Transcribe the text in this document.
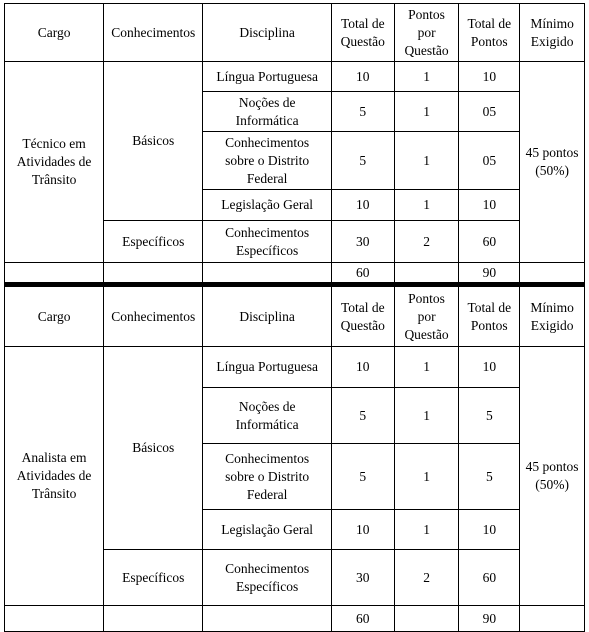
Cargo	Conhecimentos	Disciplina	Total de Questão	Pontos por Questão	Total de Pontos	Mínimo Exigido
Técnico em Atividades de Trânsito	Básicos	Língua Portuguesa	10	1	10	45 pontos (50%)
		Noções de Informática	5	1	05	
		Conhecimentos sobre o Distrito Federal	5	1	05	
		Legislação Geral	10	1	10	
	Específicos	Conhecimentos Específicos	30	2	60	
			60		90	
Cargo	Conhecimentos	Disciplina	Total de Questão	Pontos por Questão	Total de Pontos	Mínimo Exigido
Analista em Atividades de Trânsito	Básicos	Língua Portuguesa	10	1	10	45 pontos (50%)
		Noções de Informática	5	1	5	
		Conhecimentos sobre o Distrito Federal	5	1	5	
		Legislação Geral	10	1	10	
	Específicos	Conhecimentos Específicos	30	2	60	
			60		90	
